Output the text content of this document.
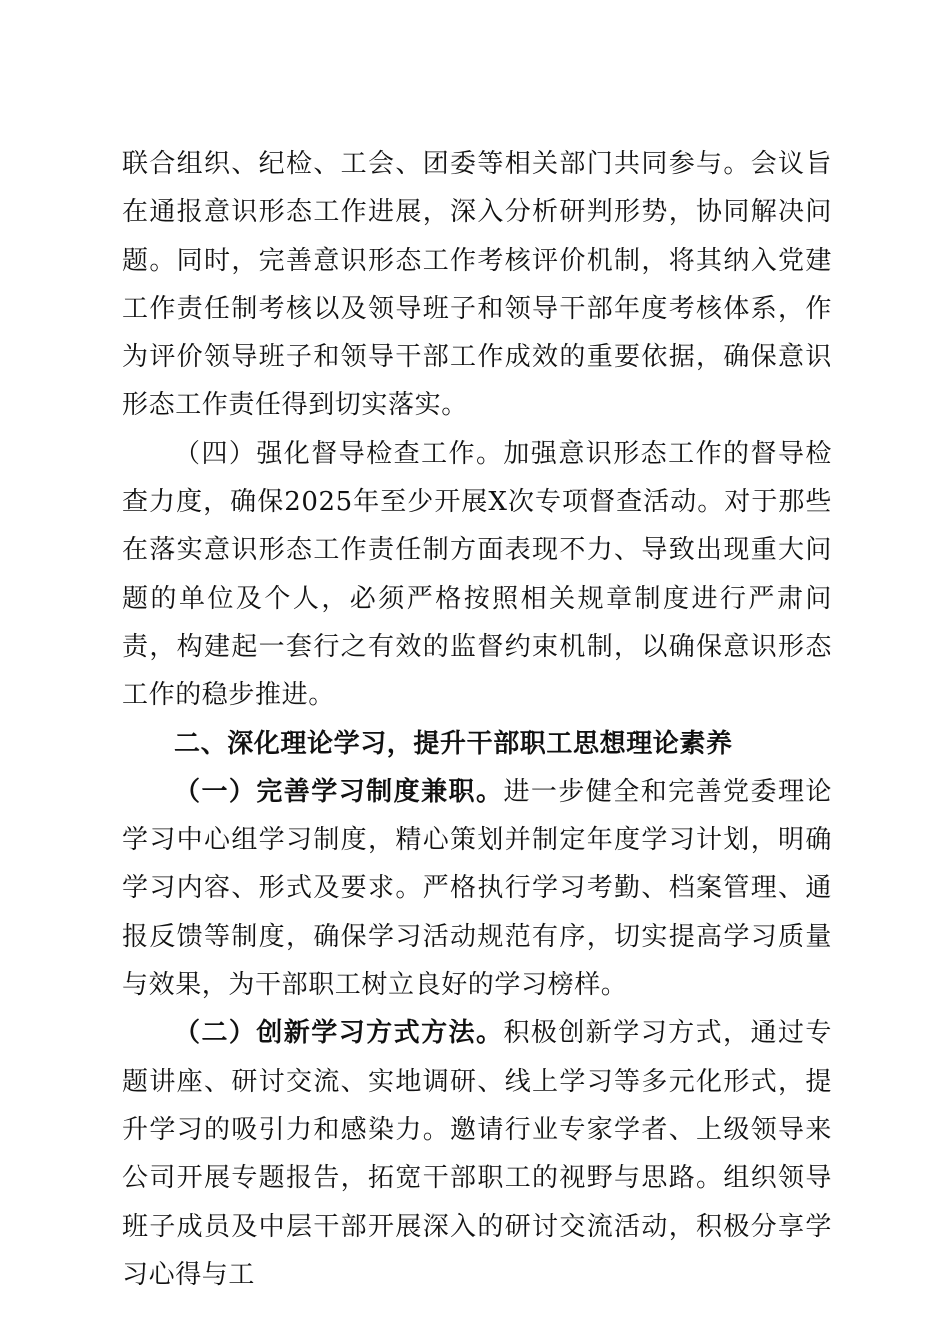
联合组织、纪检、工会、团委等相关部门共同参与。会议旨在通报意识形态工作进展，深入分析研判形势，协同解决问题。同时，完善意识形态工作考核评价机制，将其纳入党建工作责任制考核以及领导班子和领导干部年度考核体系，作为评价领导班子和领导干部工作成效的重要依据，确保意识形态工作责任得到切实落实。

（四）强化督导检查工作。加强意识形态工作的督导检查力度，确保2025年至少开展X次专项督查活动。对于那些在落实意识形态工作责任制方面表现不力、导致出现重大问题的单位及个人，必须严格按照相关规章制度进行严肃问责，构建起一套行之有效的监督约束机制，以确保意识形态工作的稳步推进。

二、深化理论学习，提升干部职工思想理论素养

（一）完善学习制度兼职。进一步健全和完善党委理论学习中心组学习制度，精心策划并制定年度学习计划，明确学习内容、形式及要求。严格执行学习考勤、档案管理、通报反馈等制度，确保学习活动规范有序，切实提高学习质量与效果，为干部职工树立良好的学习榜样。

（二）创新学习方式方法。积极创新学习方式，通过专题讲座、研讨交流、实地调研、线上学习等多元化形式，提升学习的吸引力和感染力。邀请行业专家学者、上级领导来公司开展专题报告，拓宽干部职工的视野与思路。组织领导班子成员及中层干部开展深入的研讨交流活动，积极分享学习心得与工
